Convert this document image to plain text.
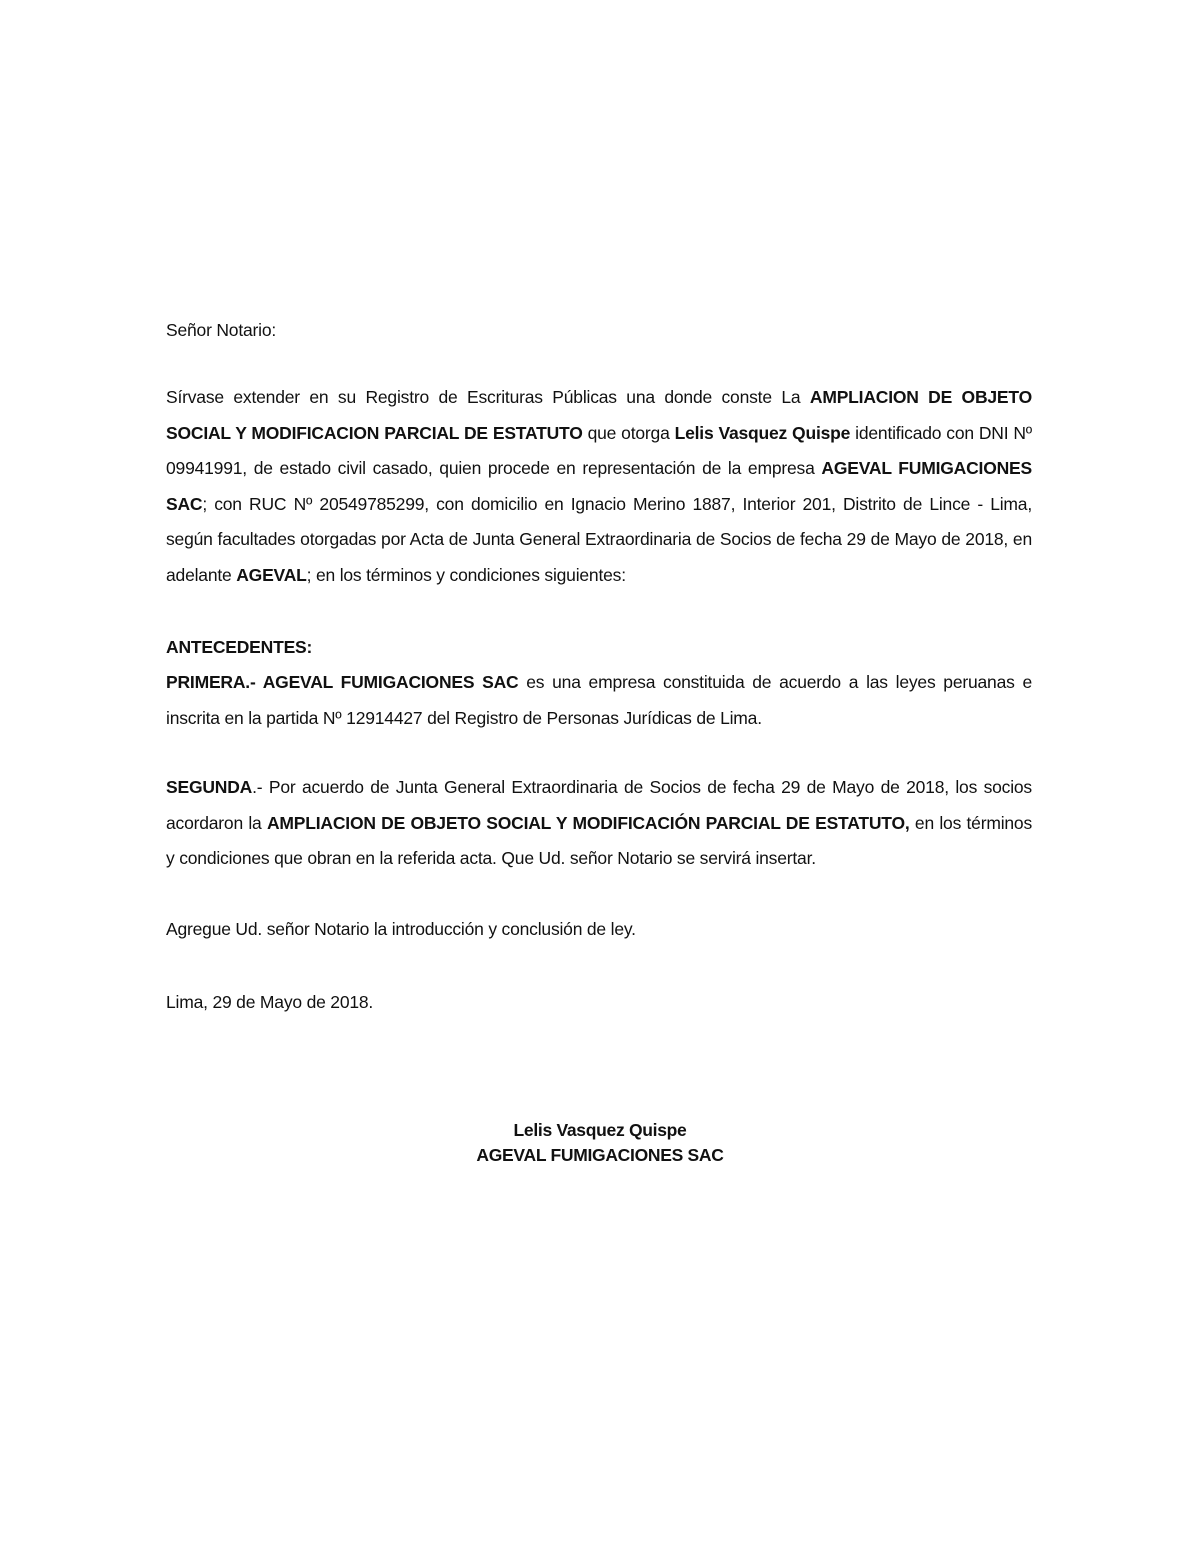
Señor Notario:
Sírvase extender en su Registro de Escrituras Públicas una donde conste La AMPLIACION DE OBJETO SOCIAL Y MODIFICACION PARCIAL DE ESTATUTO que otorga Lelis Vasquez Quispe identificado con DNI Nº 09941991, de estado civil casado, quien procede en representación de la empresa AGEVAL FUMIGACIONES SAC; con RUC Nº 20549785299, con domicilio en Ignacio Merino 1887, Interior 201, Distrito de Lince - Lima, según facultades otorgadas por Acta de Junta General Extraordinaria de Socios de fecha 29 de Mayo de 2018, en adelante AGEVAL; en los términos y condiciones siguientes:
ANTECEDENTES:
PRIMERA.- AGEVAL FUMIGACIONES SAC es una empresa constituida de acuerdo a las leyes peruanas e inscrita en la partida Nº 12914427 del Registro de Personas Jurídicas de Lima.
SEGUNDA.- Por acuerdo de Junta General Extraordinaria de Socios de fecha 29 de Mayo de 2018, los socios acordaron la AMPLIACION DE OBJETO SOCIAL Y MODIFICACIÓN PARCIAL DE ESTATUTO, en los términos y condiciones que obran en la referida acta. Que Ud. señor Notario se servirá insertar.
Agregue Ud. señor Notario la introducción y conclusión de ley.
Lima, 29 de Mayo de 2018.
Lelis Vasquez Quispe
AGEVAL FUMIGACIONES SAC
